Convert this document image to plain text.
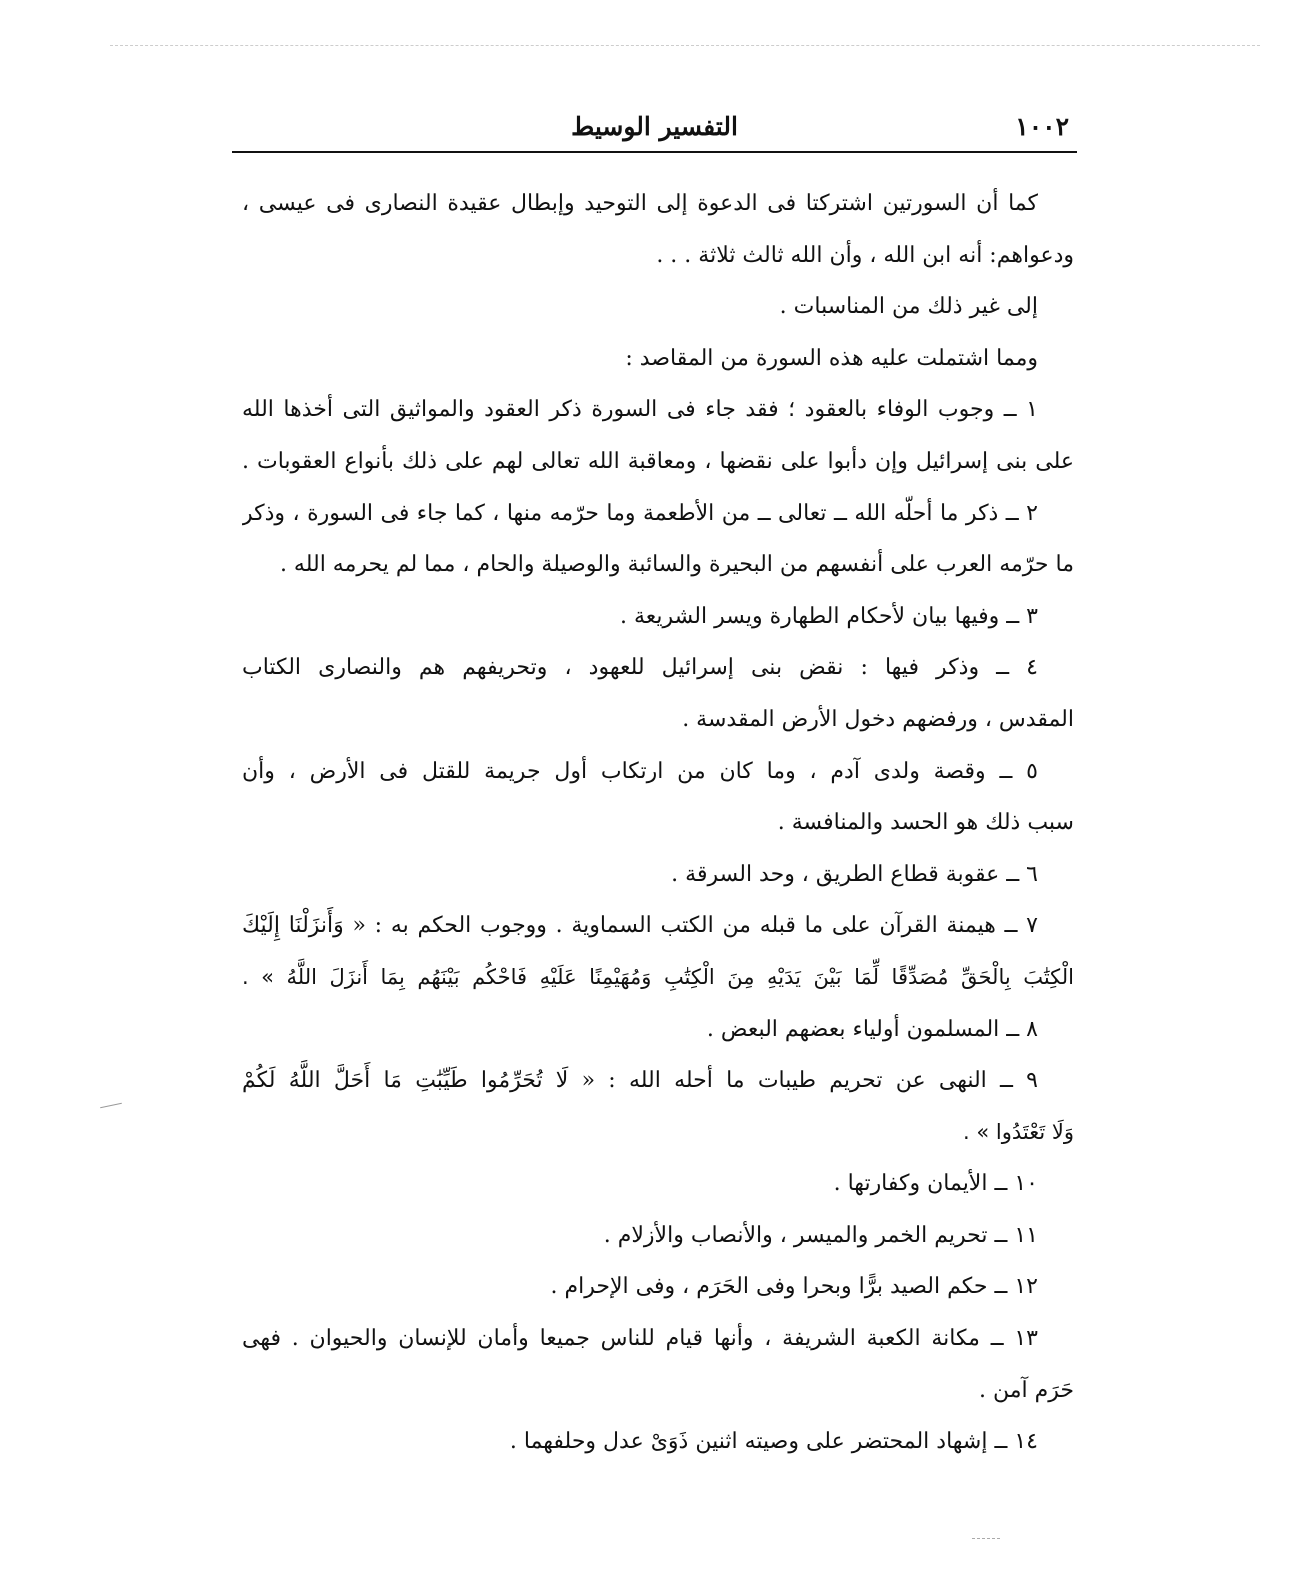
١٠٠٢
التفسير الوسيط
كما أن السورتين اشتركتا فى الدعوة إلى التوحيد وإبطال عقيدة النصارى فى عيسى ،
ودعواهم: أنه ابن الله ، وأن الله ثالث ثلاثة . . .
إلى غير ذلك من المناسبات .
ومما اشتملت عليه هذه السورة من المقاصد :
١ ــ وجوب الوفاء بالعقود ؛ فقد جاء فى السورة ذكر العقود والمواثيق التى أخذها الله
على بنى إسرائيل وإن دأبوا على نقضها ، ومعاقبة الله تعالى لهم على ذلك بأنواع العقوبات .
٢ ــ ذكر ما أحلّه الله ــ تعالى ــ من الأطعمة وما حرّمه منها ، كما جاء فى السورة ، وذكر
ما حرّمه العرب على أنفسهم من البحيرة والسائبة والوصيلة والحام ، مما لم يحرمه الله .
٣ ــ وفيها بيان لأحكام الطهارة ويسر الشريعة .
٤ ــ وذكر فيها : نقض بنى إسرائيل للعهود ، وتحريفهم هم والنصارى الكتاب
المقدس ، ورفضهم دخول الأرض المقدسة .
٥ ــ وقصة ولدى آدم ، وما كان من ارتكاب أول جريمة للقتل فى الأرض ، وأن
سبب ذلك هو الحسد والمنافسة .
٦ ــ عقوبة قطاع الطريق ، وحد السرقة .
٧ ــ هيمنة القرآن على ما قبله من الكتب السماوية . ووجوب الحكم به : « وَأَنزَلْنَا إِلَيْكَ
الْكِتَٰبَ بِالْحَقِّ مُصَدِّقًا لِّمَا بَيْنَ يَدَيْهِ مِنَ الْكِتَٰبِ وَمُهَيْمِنًا عَلَيْهِ فَاحْكُم بَيْنَهُم بِمَا أَنزَلَ اللَّهُ » .
٨ ــ المسلمون أولياء بعضهم البعض .
٩ ــ النهى عن تحريم طيبات ما أحله الله : « لَا تُحَرِّمُوا طَيِّبَٰتِ مَا أَحَلَّ اللَّهُ لَكُمْ
وَلَا تَعْتَدُوا » .
١٠ ــ الأيمان وكفارتها .
١١ ــ تحريم الخمر والميسر ، والأنصاب والأزلام .
١٢ ــ حكم الصيد برًّا وبحرا وفى الحَرَم ، وفى الإحرام .
١٣ ــ مكانة الكعبة الشريفة ، وأنها قيام للناس جميعا وأمان للإنسان والحيوان . فهى
حَرَم آمن .
١٤ ــ إشهاد المحتضر على وصيته اثنين ذَوَىْ عدل وحلفهما .
